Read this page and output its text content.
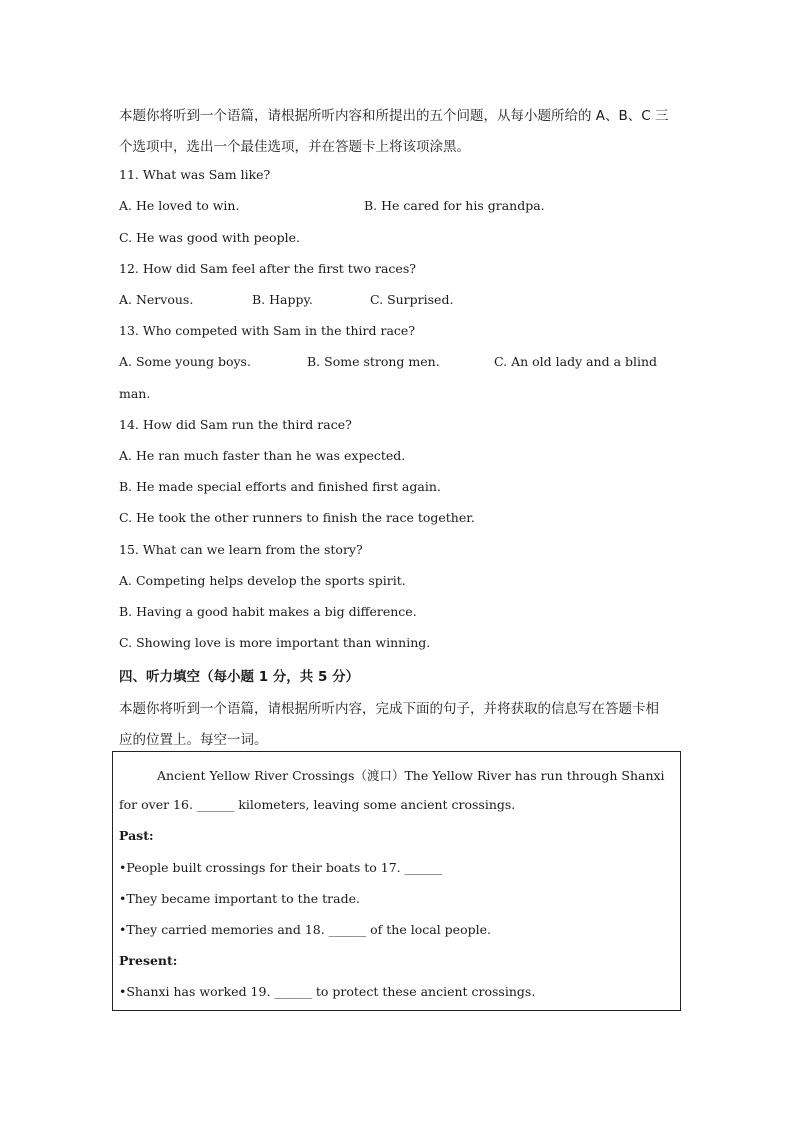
本题你将听到一个语篇，请根据所听内容和所提出的五个问题，从每小题所给的 A、B、C 三
个选项中，选出一个最佳选项，并在答题卡上将该项涂黑。
11. What was Sam like?
A. He loved to win.	B. He cared for his grandpa.
C. He was good with people.
12. How did Sam feel after the first two races?
A. Nervous.	B. Happy.	C. Surprised.
13. Who competed with Sam in the third race?
A. Some young boys.	B. Some strong men.	C. An old lady and a blind
man.
14. How did Sam run the third race?
A. He ran much faster than he was expected.
B. He made special efforts and finished first again.
C. He took the other runners to finish the race together.
15. What can we learn from the story?
A. Competing helps develop the sports spirit.
B. Having a good habit makes a big difference.
C. Showing love is more important than winning.
四、听力填空（每小题 1 分，共 5 分）
本题你将听到一个语篇，请根据所听内容，完成下面的句子，并将获取的信息写在答题卡相
应的位置上。每空一词。
Ancient Yellow River Crossings（渡口）The Yellow River has run through Shanxi
for over 16. ______ kilometers, leaving some ancient crossings.
Past:
•People built crossings for their boats to 17. ______
•They became important to the trade.
•They carried memories and 18. ______ of the local people.
Present:
•Shanxi has worked 19. ______ to protect these ancient crossings.
